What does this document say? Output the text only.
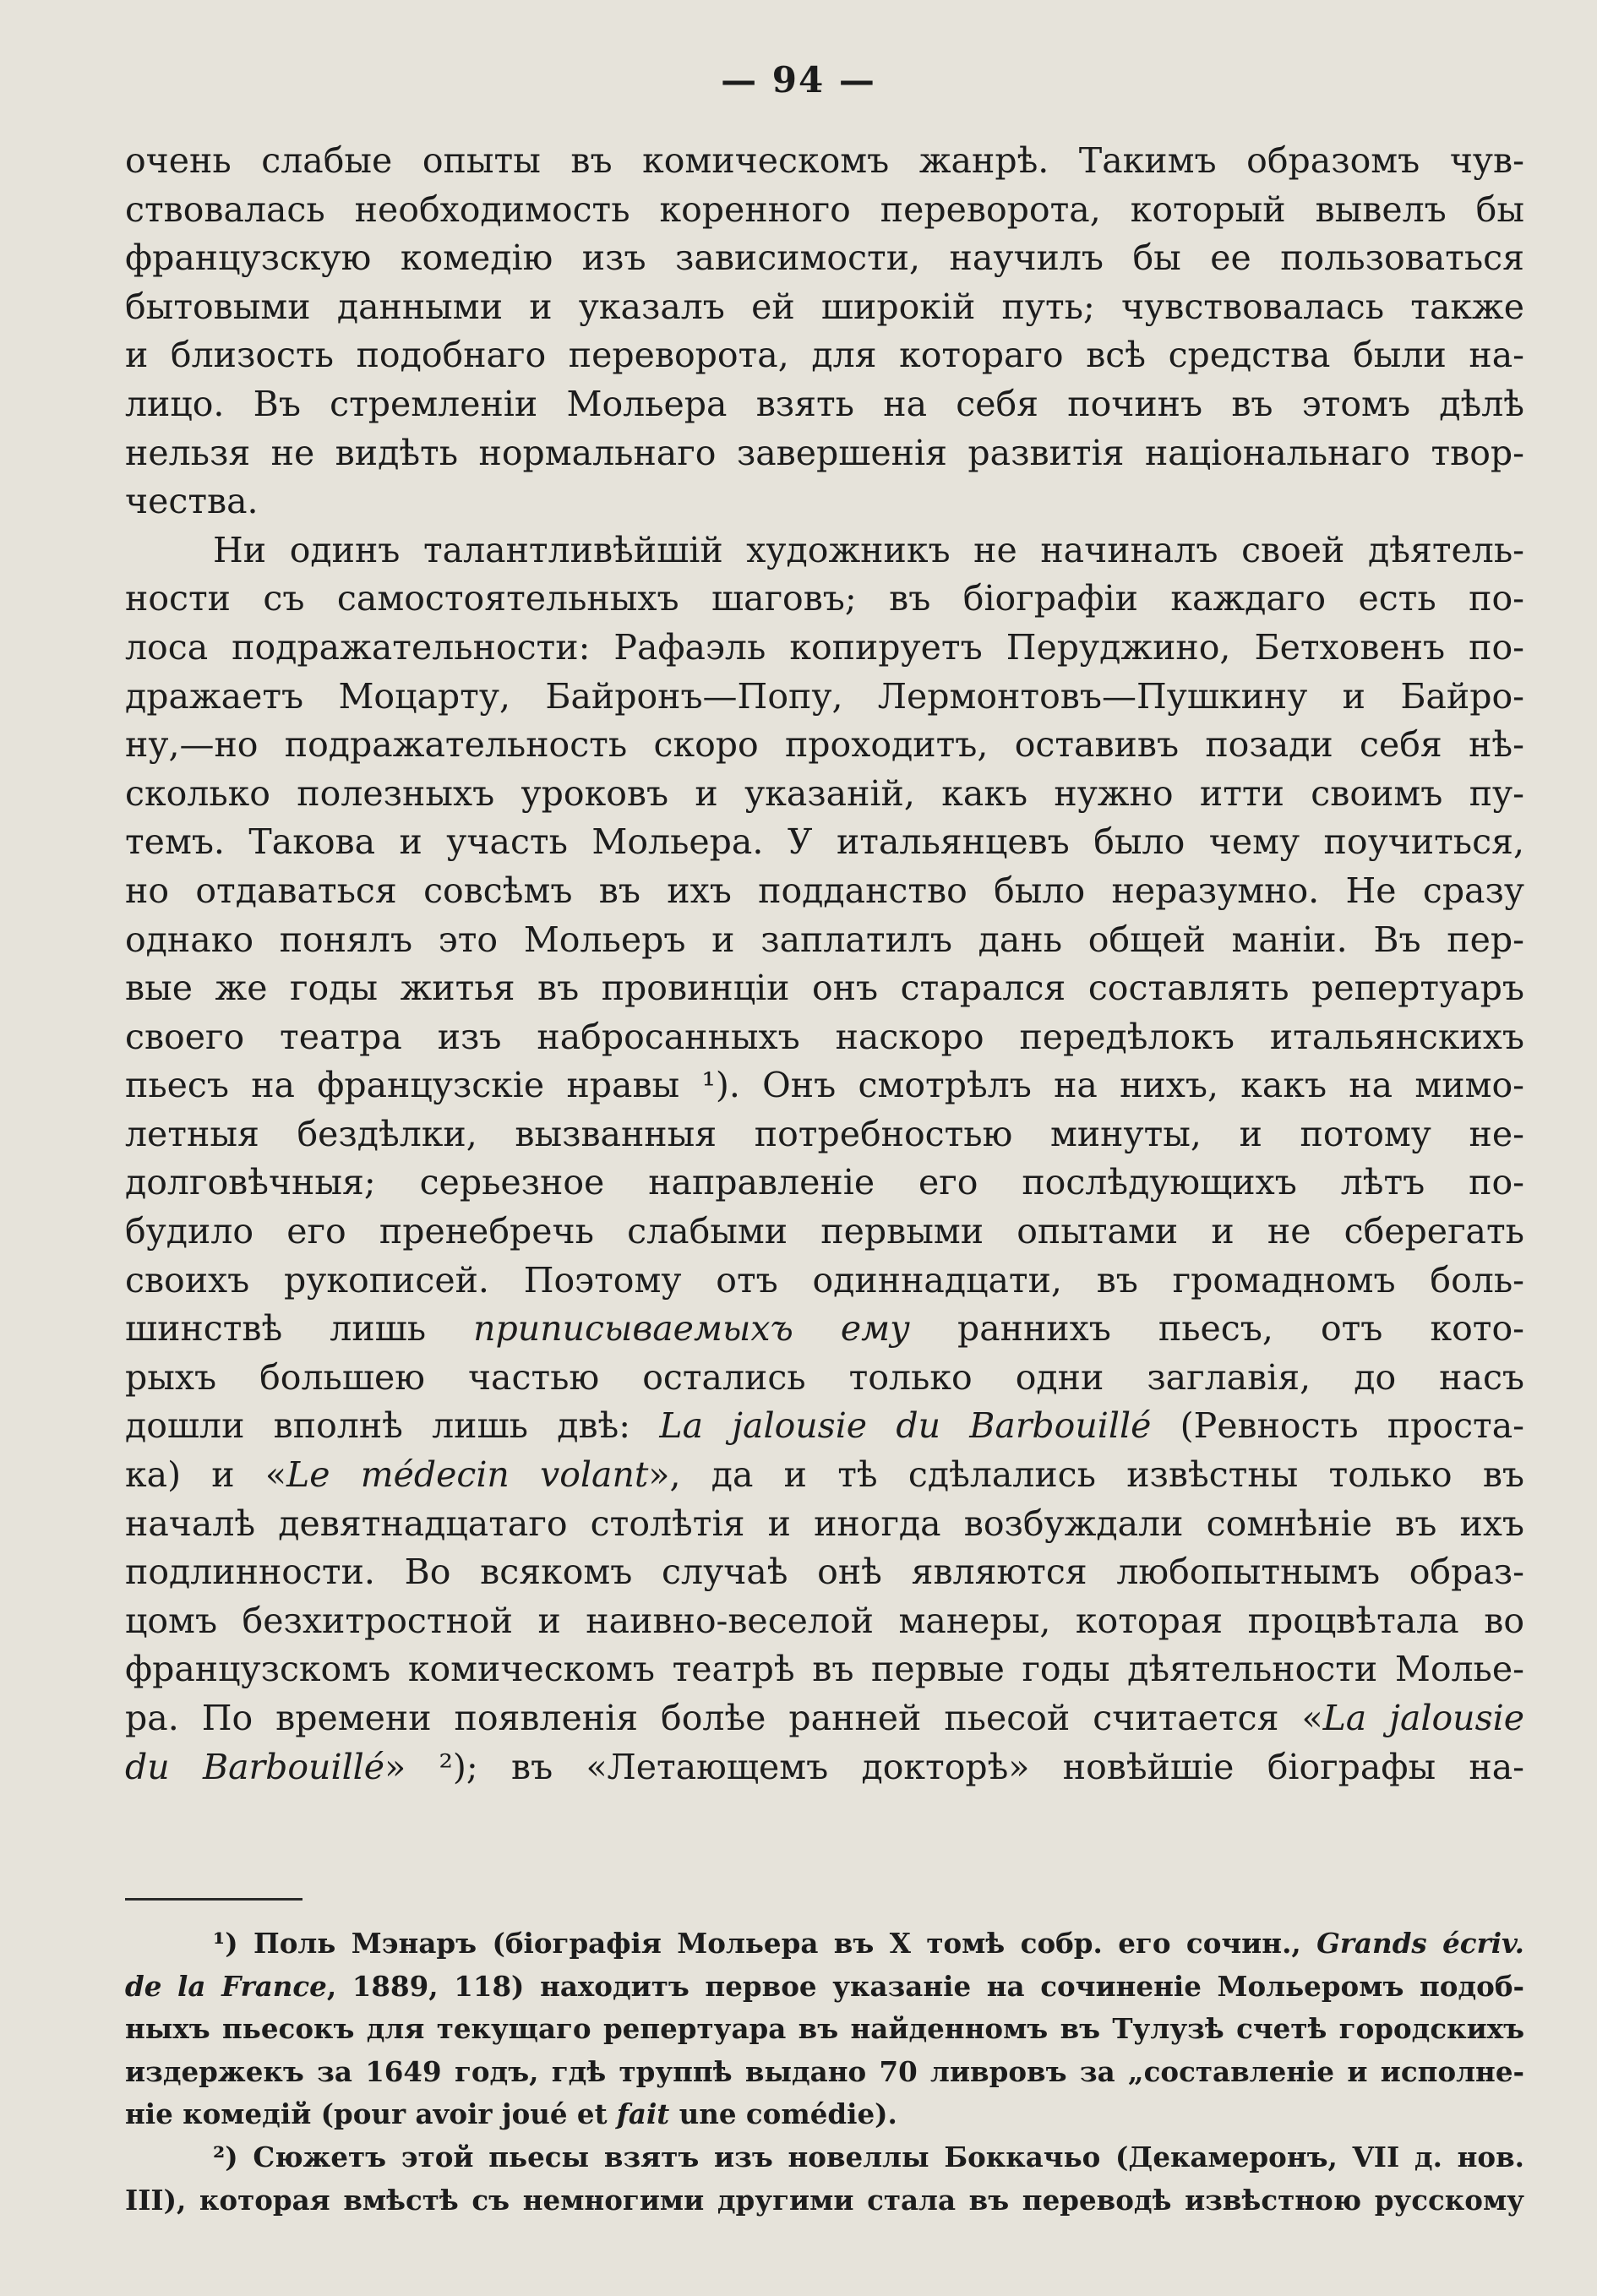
— 94 —
очень слабые опыты въ комическомъ жанрѣ. Такимъ образомъ чув-
ствовалась необходимость коренного переворота, который вывелъ бы
французскую комедію изъ зависимости, научилъ бы ее пользоваться
бытовыми данными и указалъ ей широкій путь; чувствовалась также
и близость подобнаго переворота, для котораго всѣ средства были на-
лицо. Въ стремленіи Мольера взять на себя починъ въ этомъ дѣлѣ
нельзя не видѣть нормальнаго завершенія развитія національнаго твор-
чества.
Ни одинъ талантливѣйшій художникъ не начиналъ своей дѣятель-
ности съ самостоятельныхъ шаговъ; въ біографіи каждаго есть по-
лоса подражательности: Рафаэль копируетъ Перуджино, Бетховенъ по-
дражаетъ Моцарту, Байронъ—Попу, Лермонтовъ—Пушкину и Байро-
ну,—но подражательность скоро проходитъ, оставивъ позади себя нѣ-
сколько полезныхъ уроковъ и указаній, какъ нужно итти своимъ пу-
темъ. Такова и участь Мольера. У итальянцевъ было чему поучиться,
но отдаваться совсѣмъ въ ихъ подданство было неразумно. Не сразу
однако понялъ это Мольеръ и заплатилъ дань общей маніи. Въ пер-
вые же годы житья въ провинціи онъ старался составлять репертуаръ
своего театра изъ набросанныхъ наскоро передѣлокъ итальянскихъ
пьесъ на французскіе нравы ¹). Онъ смотрѣлъ на нихъ, какъ на мимо-
летныя бездѣлки, вызванныя потребностью минуты, и потому не-
долговѣчныя; серьезное направленіе его послѣдующихъ лѣтъ по-
будило его пренебречь слабыми первыми опытами и не сберегать
своихъ рукописей. Поэтому отъ одиннадцати, въ громадномъ боль-
шинствѣ лишь приписываемыхъ ему раннихъ пьесъ, отъ кото-
рыхъ большею частью остались только одни заглавія, до насъ
дошли вполнѣ лишь двѣ: La jalousie du Barbouillé (Ревность проста-
ка) и «Le médecin volant», да и тѣ сдѣлались извѣстны только въ
началѣ девятнадцатаго столѣтія и иногда возбуждали сомнѣніе въ ихъ
подлинности. Во всякомъ случаѣ онѣ являются любопытнымъ образ-
цомъ безхитростной и наивно-веселой манеры, которая процвѣтала во
французскомъ комическомъ театрѣ въ первые годы дѣятельности Молье-
ра. По времени появленія болѣе ранней пьесой считается «La jalousie
du Barbouillé» ²); въ «Летающемъ докторѣ» новѣйшіе біографы на-
¹) Поль Мэнаръ (біографія Мольера въ X томѣ собр. его сочин., Grands écriv.
de la France, 1889, 118) находитъ первое указаніе на сочиненіе Мольеромъ подоб-
ныхъ пьесокъ для текущаго репертуара въ найденномъ въ Тулузѣ счетѣ городскихъ
издержекъ за 1649 годъ, гдѣ труппѣ выдано 70 ливровъ за „составленіе и исполне-
ніе комедій (pour avoir joué et fait une comédie).
²) Сюжетъ этой пьесы взятъ изъ новеллы Боккачьо (Декамеронъ, VII д. нов.
III), которая вмѣстѣ съ немногими другими стала въ переводѣ извѣстною русскому
